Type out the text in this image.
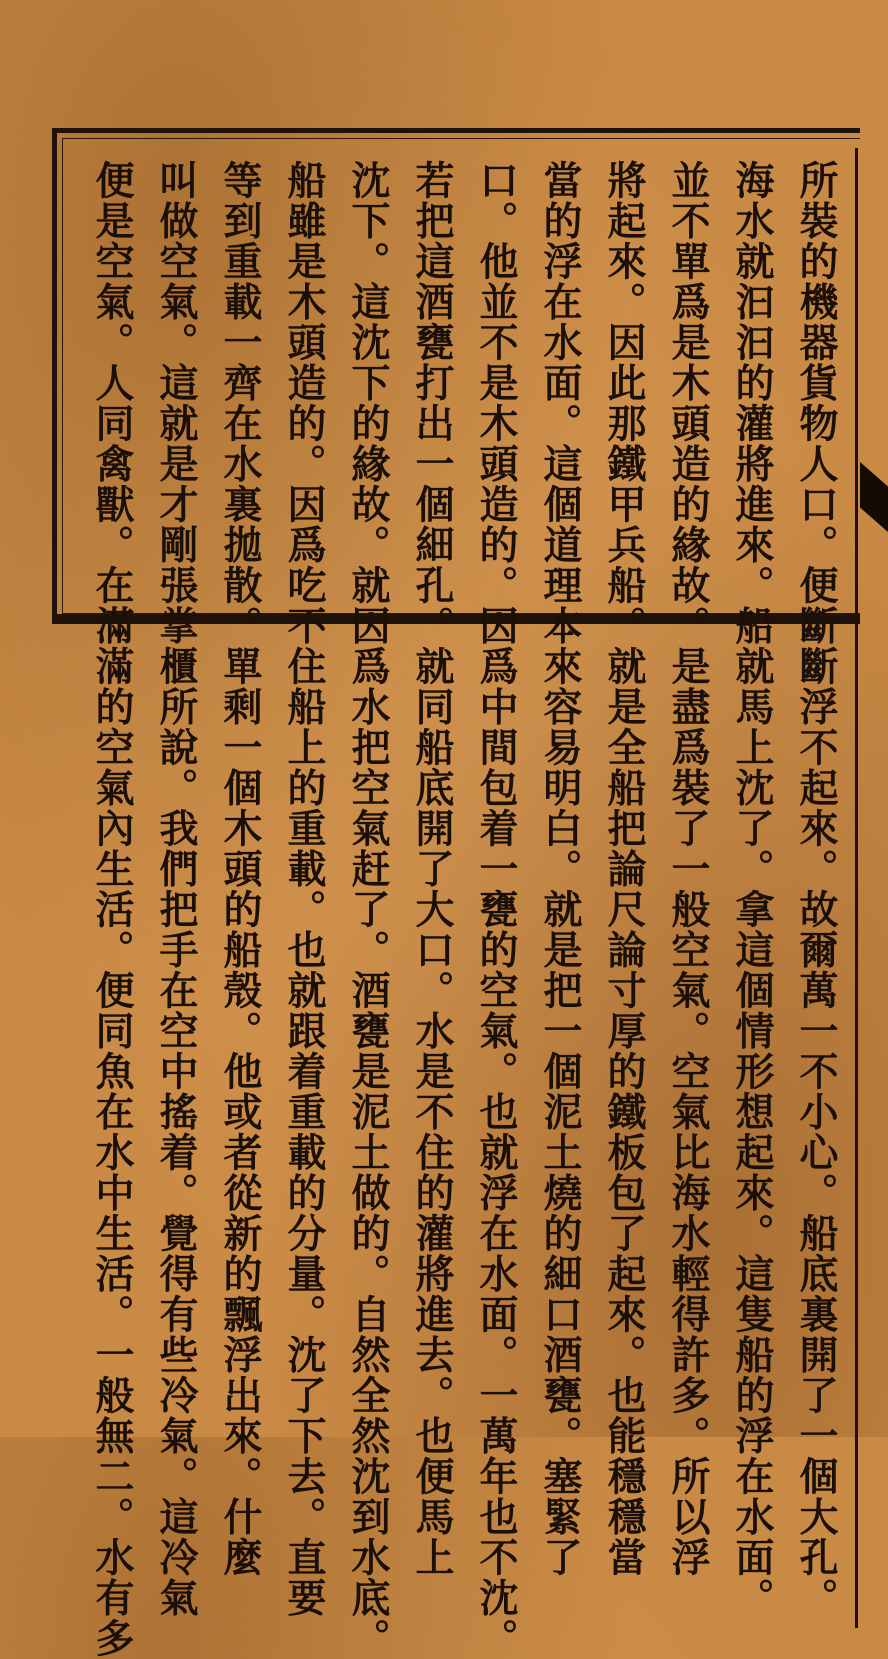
所裝的機器貨物人口。便斷斷浮不起來。故爾萬一不小心。船底裏開了一個大孔。
海水就汩汩的灌將進來。船就馬上沈了。拿這個情形想起來。這隻船的浮在水面。
並不單爲是木頭造的緣故。是盡爲裝了一般空氣。空氣比海水輕得許多。所以浮
將起來。因此那鐵甲兵船。就是全船把論尺論寸厚的鐵板包了起來。也能穩穩當
當的浮在水面。這個道理本來容易明白。就是把一個泥土燒的細口酒甕。塞緊了
口。他並不是木頭造的。因爲中間包着一甕的空氣。也就浮在水面。一萬年也不沈。
若把這酒甕打出一個細孔。就同船底開了大口。水是不住的灌將進去。也便馬上
沈下。這沈下的緣故。就因爲水把空氣赶了。酒甕是泥土做的。自然全然沈到水底。
船雖是木頭造的。因爲吃不住船上的重載。也就跟着重載的分量。沈了下去。直要
等到重載一齊在水裏拋散。單剩一個木頭的船殼。他或者從新的飄浮出來。什麼
叫做空氣。這就是才剛張掌櫃所說。我們把手在空中搖着。覺得有些冷氣。這冷氣
便是空氣。人同禽獸。在滿滿的空氣內生活。便同魚在水中生活。一般無二。水有多
